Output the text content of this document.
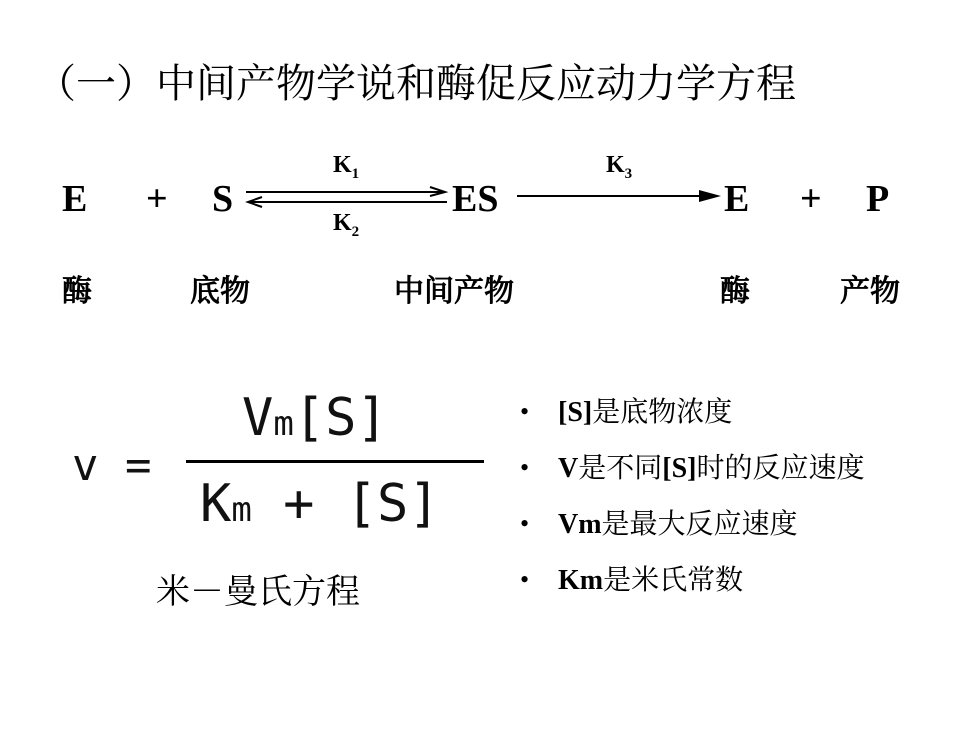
（一）中间产物学说和酶促反应动力学方程
E + S
$K_1$
$K_2$
ES
$K_3$
E + P
酶	底物	中间产物	酶	产物
v =
Vm[S]
Km + [S]
米－曼氏方程
• [S]是底物浓度
• V是不同[S]时的反应速度
• Vm是最大反应速度
• Km是米氏常数
